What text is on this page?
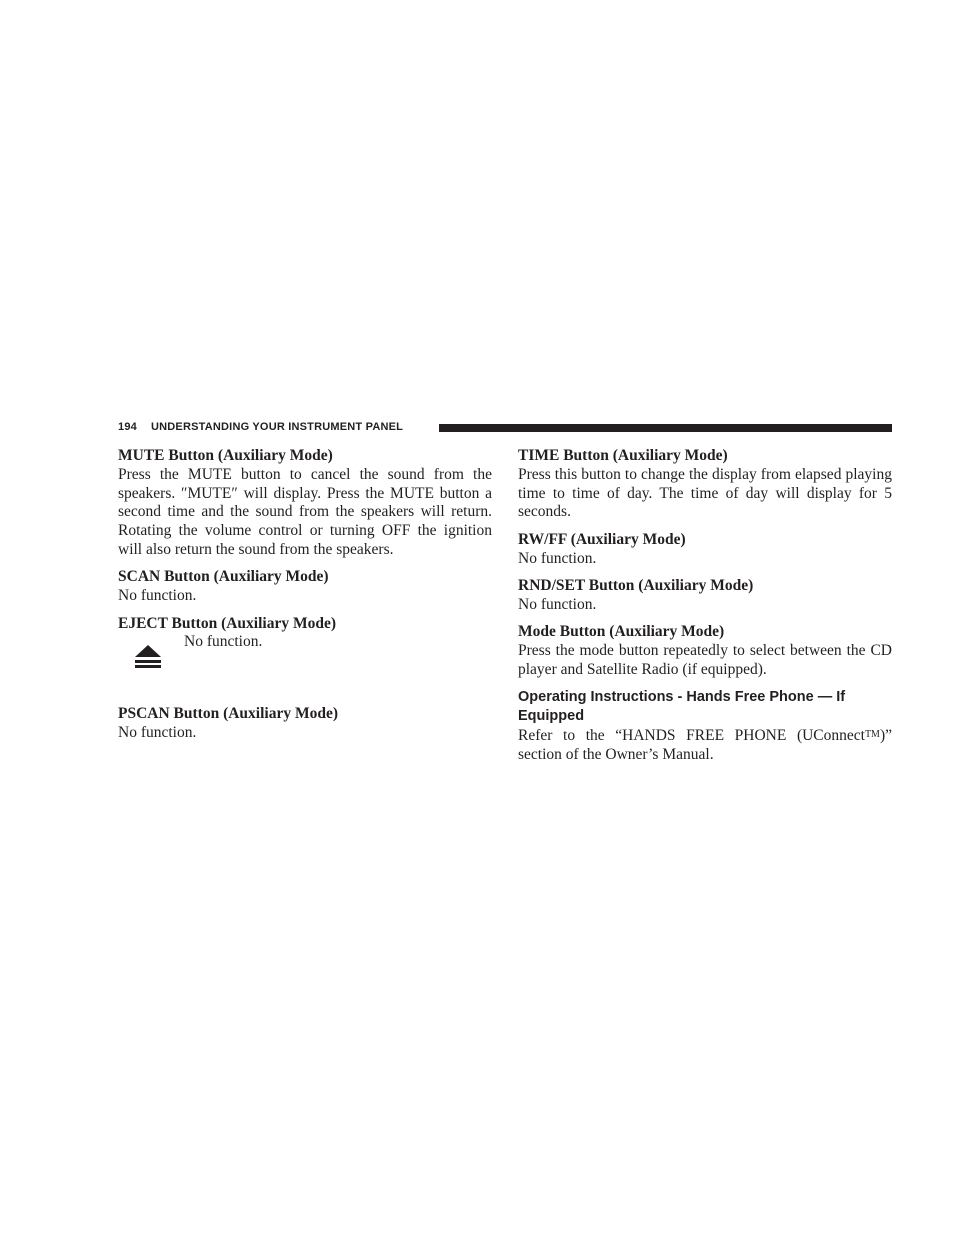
194 UNDERSTANDING YOUR INSTRUMENT PANEL
MUTE Button (Auxiliary Mode)
Press the MUTE button to cancel the sound from the speakers. ″MUTE″ will display. Press the MUTE button a second time and the sound from the speakers will return. Rotating the volume control or turning OFF the ignition will also return the sound from the speakers.
SCAN Button (Auxiliary Mode)
No function.
EJECT Button (Auxiliary Mode)
No function.
PSCAN Button (Auxiliary Mode)
No function.
TIME Button (Auxiliary Mode)
Press this button to change the display from elapsed playing time to time of day. The time of day will display for 5 seconds.
RW/FF (Auxiliary Mode)
No function.
RND/SET Button (Auxiliary Mode)
No function.
Mode Button (Auxiliary Mode)
Press the mode button repeatedly to select between the CD player and Satellite Radio (if equipped).
Operating Instructions - Hands Free Phone — If Equipped
Refer to the “HANDS FREE PHONE (UConnectTM)” section of the Owner’s Manual.
